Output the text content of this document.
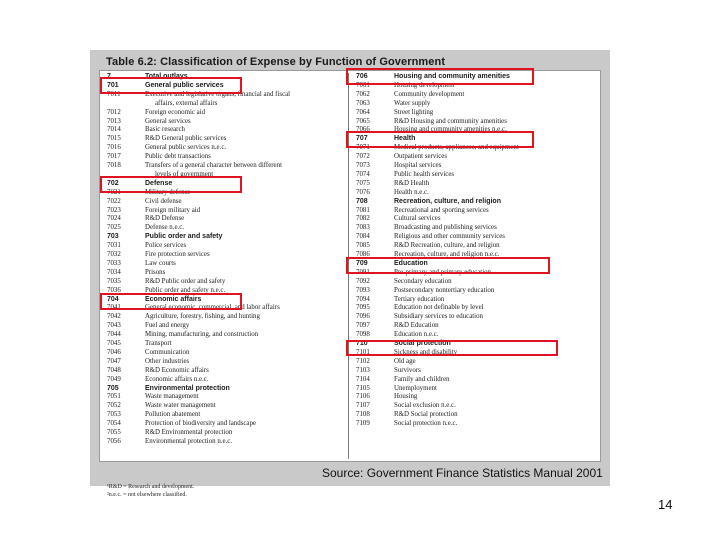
Table 6.2: Classification of Expense by Function of Government
7	Total outlays
701	General public services
7011	Executive and legislative organs, financial and fiscal
affairs, external affairs
7012	Foreign economic aid
7013	General services
7014	Basic research
7015	R&D General public services
7016	General public services n.e.c.
7017	Public debt transactions
7018	Transfers of a general character between different
levels of government
702	Defense
7021	Military defense
7022	Civil defense
7023	Foreign military aid
7024	R&D Defense
7025	Defense n.e.c.
703	Public order and safety
7031	Police services
7032	Fire protection services
7033	Law courts
7034	Prisons
7035	R&D Public order and safety
7036	Public order and safety n.e.c.
704	Economic affairs
7041	General economic, commercial, and labor affairs
7042	Agriculture, forestry, fishing, and hunting
7043	Fuel and energy
7044	Mining, manufacturing, and construction
7045	Transport
7046	Communication
7047	Other industries
7048	R&D Economic affairs
7049	Economic affairs n.e.c.
705	Environmental protection
7051	Waste management
7052	Waste water management
7053	Pollution abatement
7054	Protection of biodiversity and landscape
7055	R&D Environmental protection
7056	Environmental protection n.e.c.
706	Housing and community amenities
7061	Housing development
7062	Community development
7063	Water supply
7064	Street lighting
7065	R&D Housing and community amenities
7066	Housing and community amenities n.e.c.
707	Health
7071	Medical products, appliances, and equipment
7072	Outpatient services
7073	Hospital services
7074	Public health services
7075	R&D Health
7076	Health n.e.c.
708	Recreation, culture, and religion
7081	Recreational and sporting services
7082	Cultural services
7083	Broadcasting and publishing services
7084	Religious and other community services
7085	R&D Recreation, culture, and religion
7086	Recreation, culture, and religion n.e.c.
709	Education
7091	Pre-primary and primary education
7092	Secondary education
7093	Postsecondary nontertiary education
7094	Tertiary education
7095	Education not definable by level
7096	Subsidiary services to education
7097	R&D Education
7098	Education n.e.c.
710	Social protection
7101	Sickness and disability
7102	Old age
7103	Survivors
7104	Family and children
7105	Unemployment
7106	Housing
7107	Social exclusion n.e.c.
7108	R&D Social protection
7109	Social protection n.e.c.
¹R&D = Research and development.
²n.e.c. = not elsewhere classified.
Source: Government Finance Statistics Manual 2001
14
